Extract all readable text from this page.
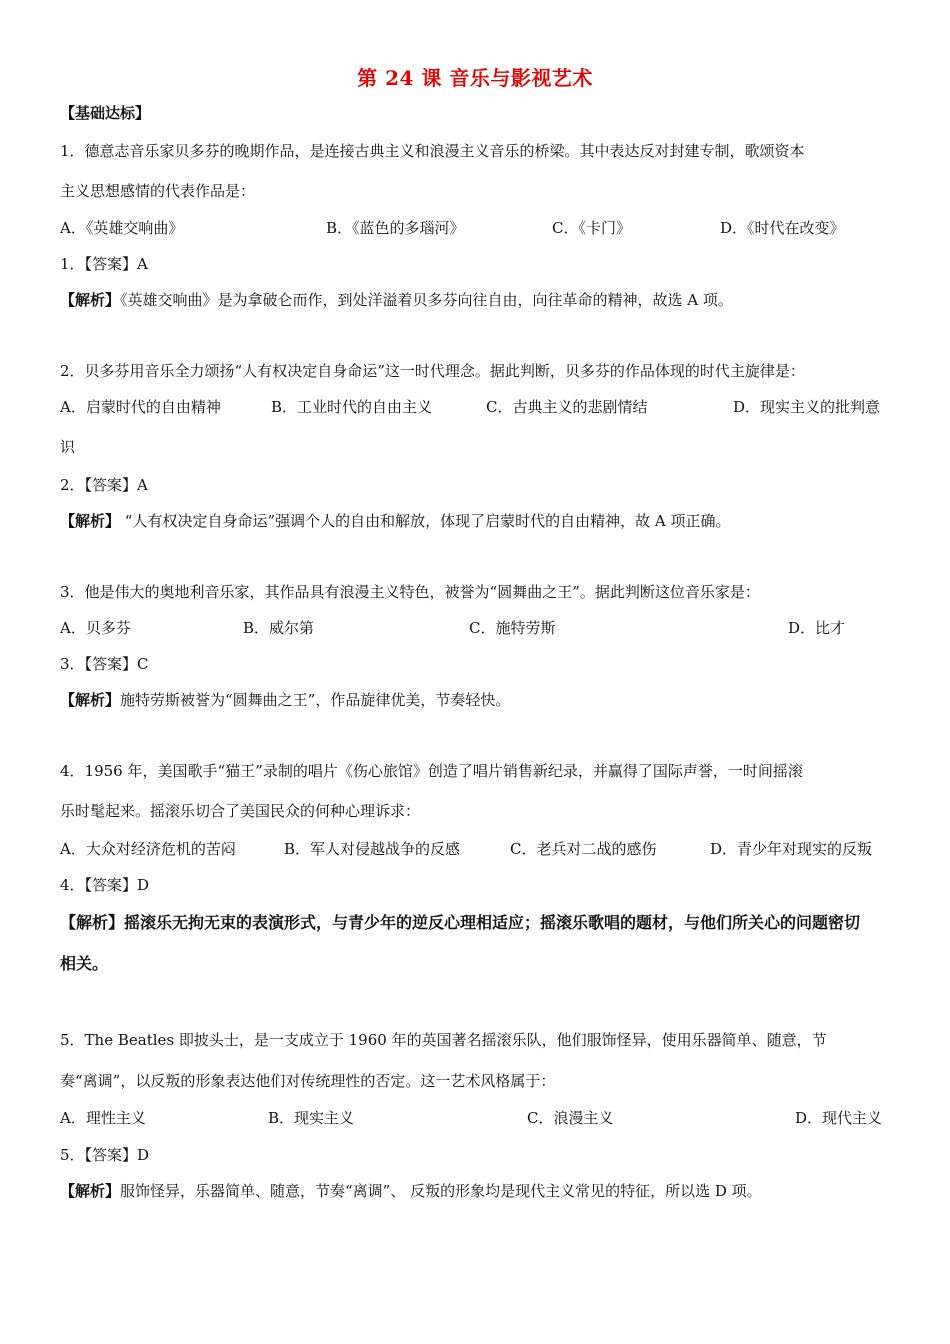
第 24 课 音乐与影视艺术
【基础达标】
1．德意志音乐家贝多芬的晚期作品，是连接古典主义和浪漫主义音乐的桥梁。其中表达反对封建专制，歌颂资本
主义思想感情的代表作品是：
A．《英雄交响曲》	B．《蓝色的多瑙河》	C．《卡门》	D．《时代在改变》
1．【答案】A
【解析】《英雄交响曲》是为拿破仑而作，到处洋溢着贝多芬向往自由，向往革命的精神，故选 A 项。
2．贝多芬用音乐全力颂扬“人有权决定自身命运”这一时代理念。据此判断，贝多芬的作品体现的时代主旋律是：
A．启蒙时代的自由精神	B．工业时代的自由主义	C．古典主义的悲剧情结	D．现实主义的批判意
识
2．【答案】A
【解析】 “人有权决定自身命运”强调个人的自由和解放，体现了启蒙时代的自由精神，故 A 项正确。
3．他是伟大的奥地利音乐家，其作品具有浪漫主义特色，被誉为“圆舞曲之王”。据此判断这位音乐家是：
A．贝多芬	B．威尔第	C．施特劳斯	D．比才
3．【答案】C
【解析】施特劳斯被誉为“圆舞曲之王”，作品旋律优美，节奏轻快。
4．1956 年，美国歌手“猫王”录制的唱片《伤心旅馆》创造了唱片销售新纪录，并赢得了国际声誉，一时间摇滚
乐时髦起来。摇滚乐切合了美国民众的何种心理诉求：
A．大众对经济危机的苦闷	B．军人对侵越战争的反感	C．老兵对二战的感伤	D．青少年对现实的反叛
4．【答案】D
【解析】摇滚乐无拘无束的表演形式，与青少年的逆反心理相适应；摇滚乐歌唱的题材，与他们所关心的问题密切
相关。
5．The Beatles 即披头士，是一支成立于 1960 年的英国著名摇滚乐队，他们服饰怪异，使用乐器简单、随意，节
奏“离调”，以反叛的形象表达他们对传统理性的否定。这一艺术风格属于：
A．理性主义	B．现实主义	C．浪漫主义	D．现代主义
5．【答案】D
【解析】服饰怪异，乐器简单、随意，节奏“离调”、 反叛的形象均是现代主义常见的特征，所以选 D 项。
